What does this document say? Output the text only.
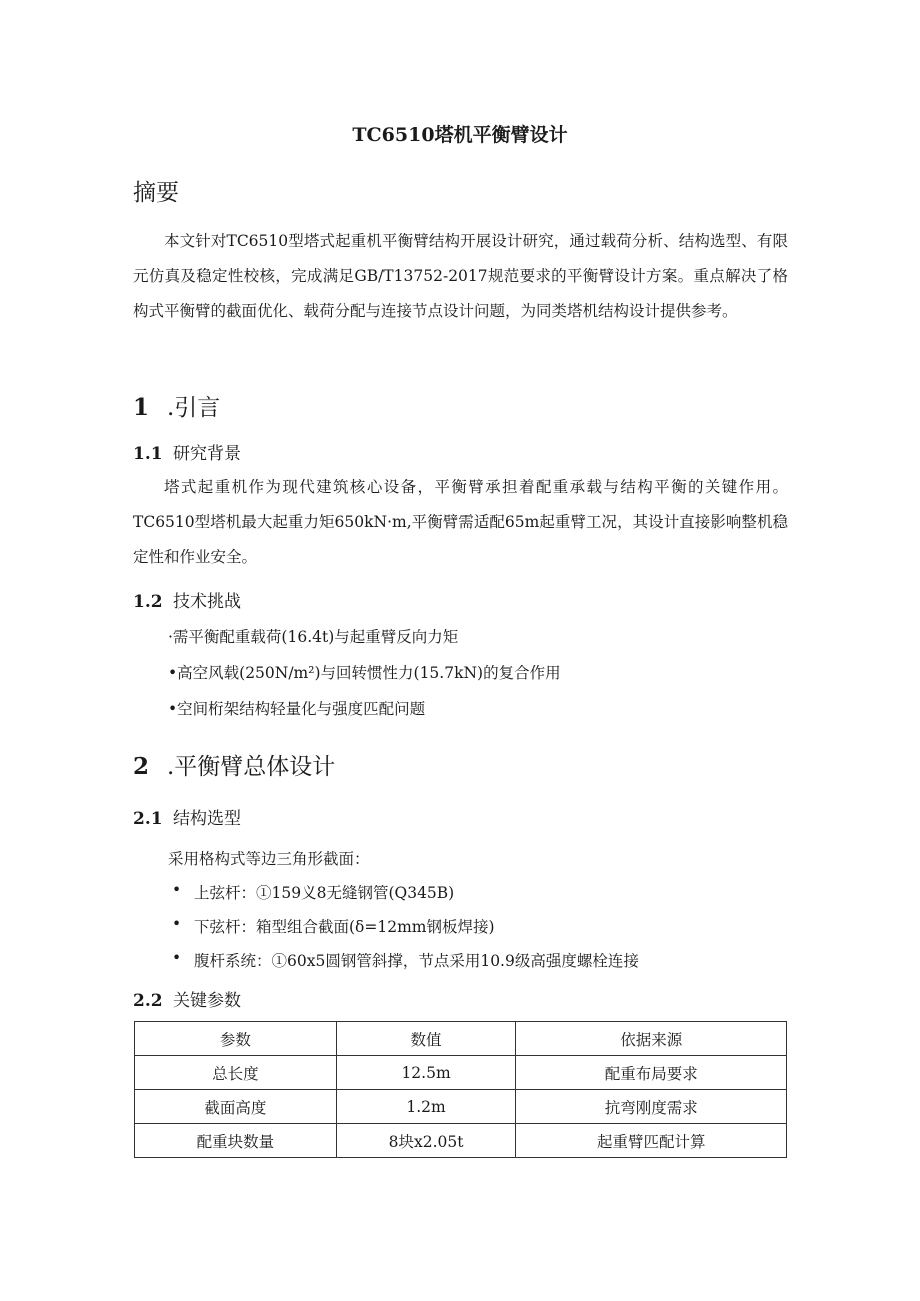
TC6510塔机平衡臂设计
摘要

本文针对TC6510型塔式起重机平衡臂结构开展设计研究，通过载荷分析、结构选型、有限元仿真及稳定性校核，完成满足GB/T13752-2017规范要求的平衡臂设计方案。重点解决了格构式平衡臂的截面优化、载荷分配与连接节点设计问题，为同类塔机结构设计提供参考。

1 .引言
1.1 研究背景

塔式起重机作为现代建筑核心设备，平衡臂承担着配重承载与结构平衡的关键作用。TC6510型塔机最大起重力矩650kN·m,平衡臂需适配65m起重臂工况，其设计直接影响整机稳定性和作业安全。

1.2 技术挑战
·需平衡配重载荷(16.4t)与起重臂反向力矩
•高空风载(250N/m²)与回转惯性力(15.7kN)的复合作用
•空间桁架结构轻量化与强度匹配问题
2 .平衡臂总体设计
2.1 结构选型
采用格构式等边三角形截面：
• 上弦杆：①159义8无缝钢管(Q345B)
• 下弦杆：箱型组合截面(δ=12mm钢板焊接)
• 腹杆系统：①60x5圆钢管斜撑，节点采用10.9级高强度螺栓连接
2.2 关键参数
参数	数值	依据来源
总长度	12.5m	配重布局要求
截面高度	1.2m	抗弯刚度需求
配重块数量	8块x2.05t	起重臂匹配计算
